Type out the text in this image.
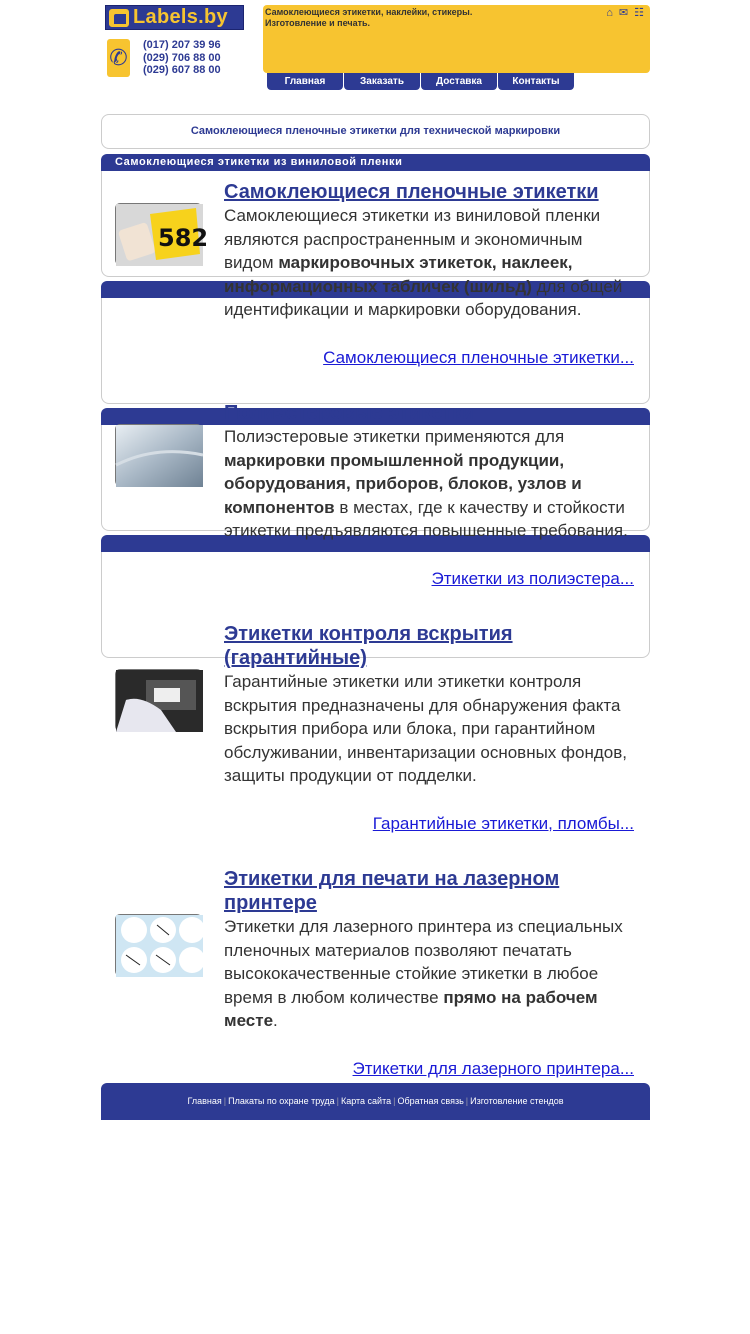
Labels.by
✆ (017) 207 39 96
(029) 706 88 00
(029) 607 88 00
Самоклеющиеся этикетки, наклейки, стикеры.
Изготовление и печать.
⌂ ✉ ☷
Главная	Заказать	Доставка	Контакты
Самоклеющиеся пленочные этикетки для технической маркировки
Самоклеющиеся этикетки из виниловой пленки
582
Самоклеющиеся пленочные этикетки

Самоклеющиеся этикетки из виниловой пленки являются распространенным и экономичным видом маркировочных этикеток, наклеек, информационных табличек (шильд) для общей идентификации и маркировки оборудования.

Самоклеющиеся пленочные этикетки...
Полиэстеровые этикетки

Полиэстеровые этикетки применяются для маркировки промышленной продукции, оборудования, приборов, блоков, узлов и компонентов в местах, где к качеству и стойкости этикетки предъявляются повышенные требования.

Этикетки из полиэстера...
Этикетки контроля вскрытия (гарантийные)

Гарантийные этикетки или этикетки контроля вскрытия предназначены для обнаружения факта вскрытия прибора или блока, при гарантийном обслуживании, инвентаризации основных фондов, защиты продукции от подделки.

Гарантийные этикетки, пломбы...
Этикетки для печати на лазерном принтере

Этикетки для лазерного принтера из специальных пленочных материалов позволяют печатать высококачественные стойкие этикетки в любое время в любом количестве прямо на рабочем месте.

Этикетки для лазерного принтера...
Главная | Плакаты по охране труда | Карта сайта | Обратная связь | Изготовление стендов
